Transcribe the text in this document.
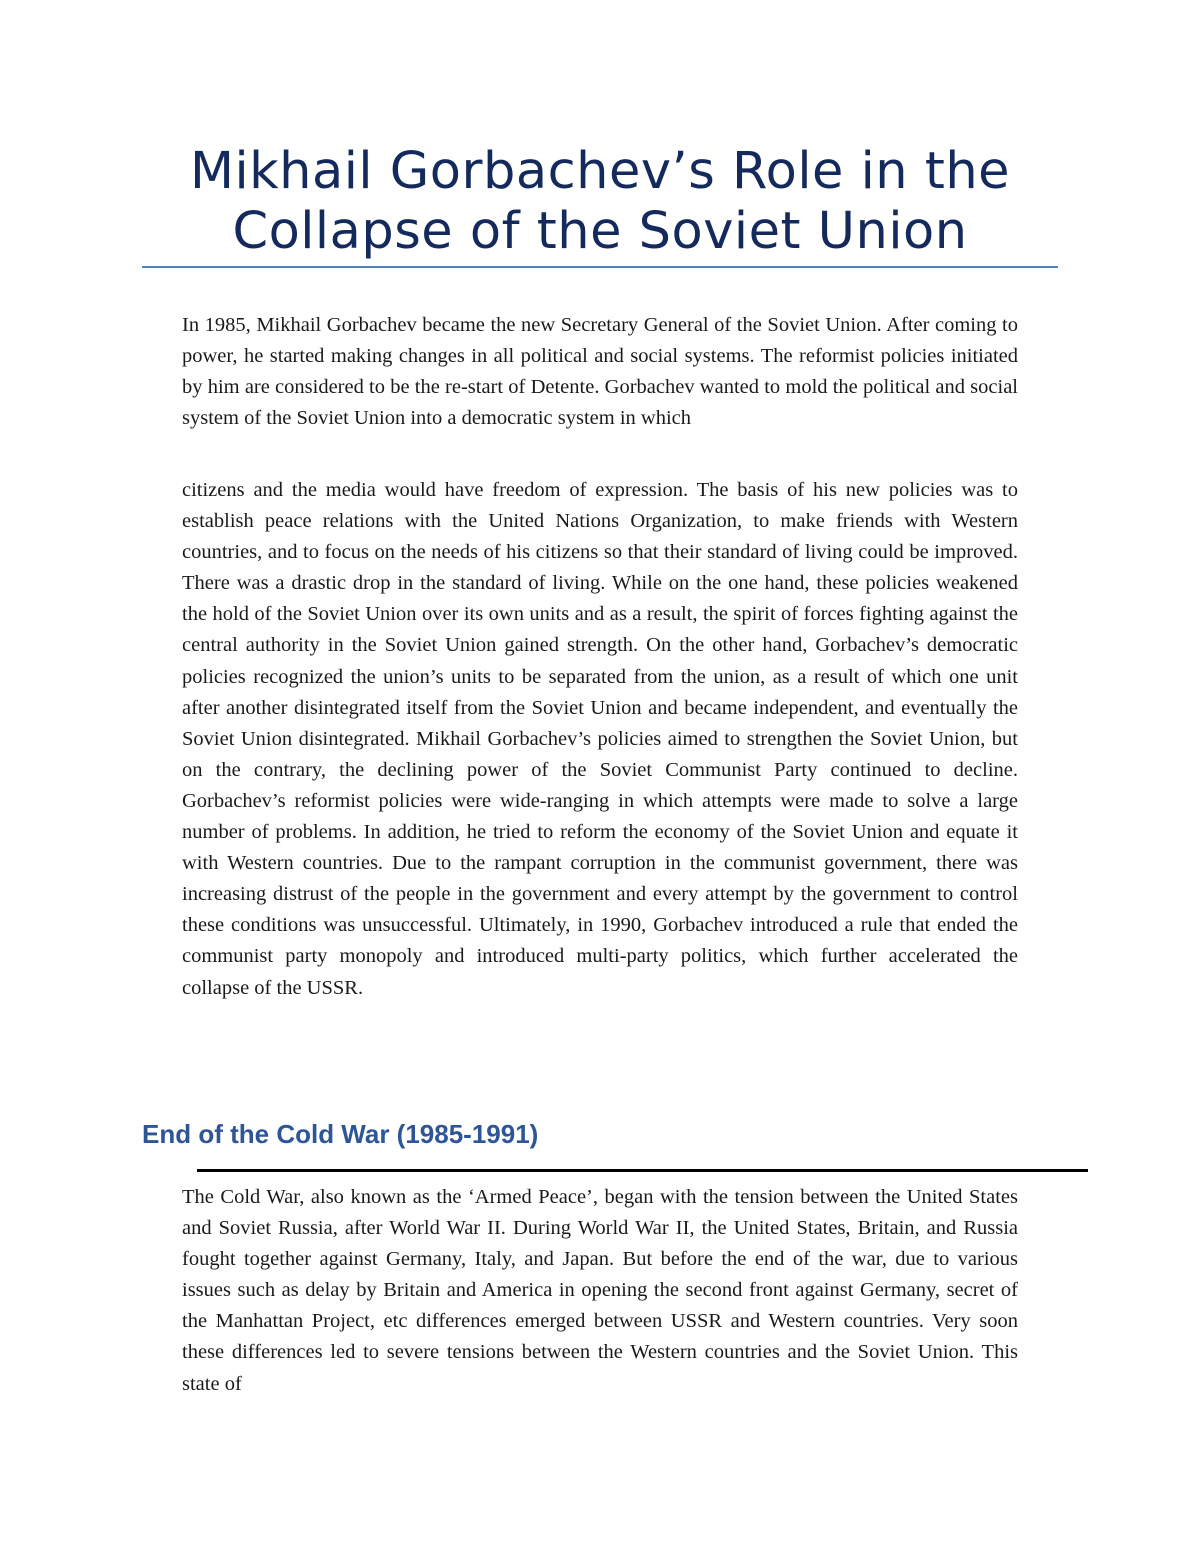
Mikhail Gorbachev’s Role in the Collapse of the Soviet Union

In 1985, Mikhail Gorbachev became the new Secretary General of the Soviet Union. After coming to power, he started making changes in all political and social systems. The reformist policies initiated by him are considered to be the re-start of Detente. Gorbachev wanted to mold the political and social system of the Soviet Union into a democratic system in which

citizens and the media would have freedom of expression. The basis of his new policies was to establish peace relations with the United Nations Organization, to make friends with Western countries, and to focus on the needs of his citizens so that their standard of living could be improved. There was a drastic drop in the standard of living. While on the one hand, these policies weakened the hold of the Soviet Union over its own units and as a result, the spirit of forces fighting against the central authority in the Soviet Union gained strength. On the other hand, Gorbachev’s democratic policies recognized the union’s units to be separated from the union, as a result of which one unit after another disintegrated itself from the Soviet Union and became independent, and eventually the Soviet Union disintegrated. Mikhail Gorbachev’s policies aimed to strengthen the Soviet Union, but on the contrary, the declining power of the Soviet Communist Party continued to decline. Gorbachev’s reformist policies were wide-ranging in which attempts were made to solve a large number of problems. In addition, he tried to reform the economy of the Soviet Union and equate it with Western countries. Due to the rampant corruption in the communist government, there was increasing distrust of the people in the government and every attempt by the government to control these conditions was unsuccessful. Ultimately, in 1990, Gorbachev introduced a rule that ended the communist party monopoly and introduced multi-party politics, which further accelerated the collapse of the USSR.

End of the Cold War (1985-1991)

The Cold War, also known as the ‘Armed Peace’, began with the tension between the United States and Soviet Russia, after World War II. During World War II, the United States, Britain, and Russia fought together against Germany, Italy, and Japan. But before the end of the war, due to various issues such as delay by Britain and America in opening the second front against Germany, secret of the Manhattan Project, etc differences emerged between USSR and Western countries. Very soon these differences led to severe tensions between the Western countries and the Soviet Union. This state of
